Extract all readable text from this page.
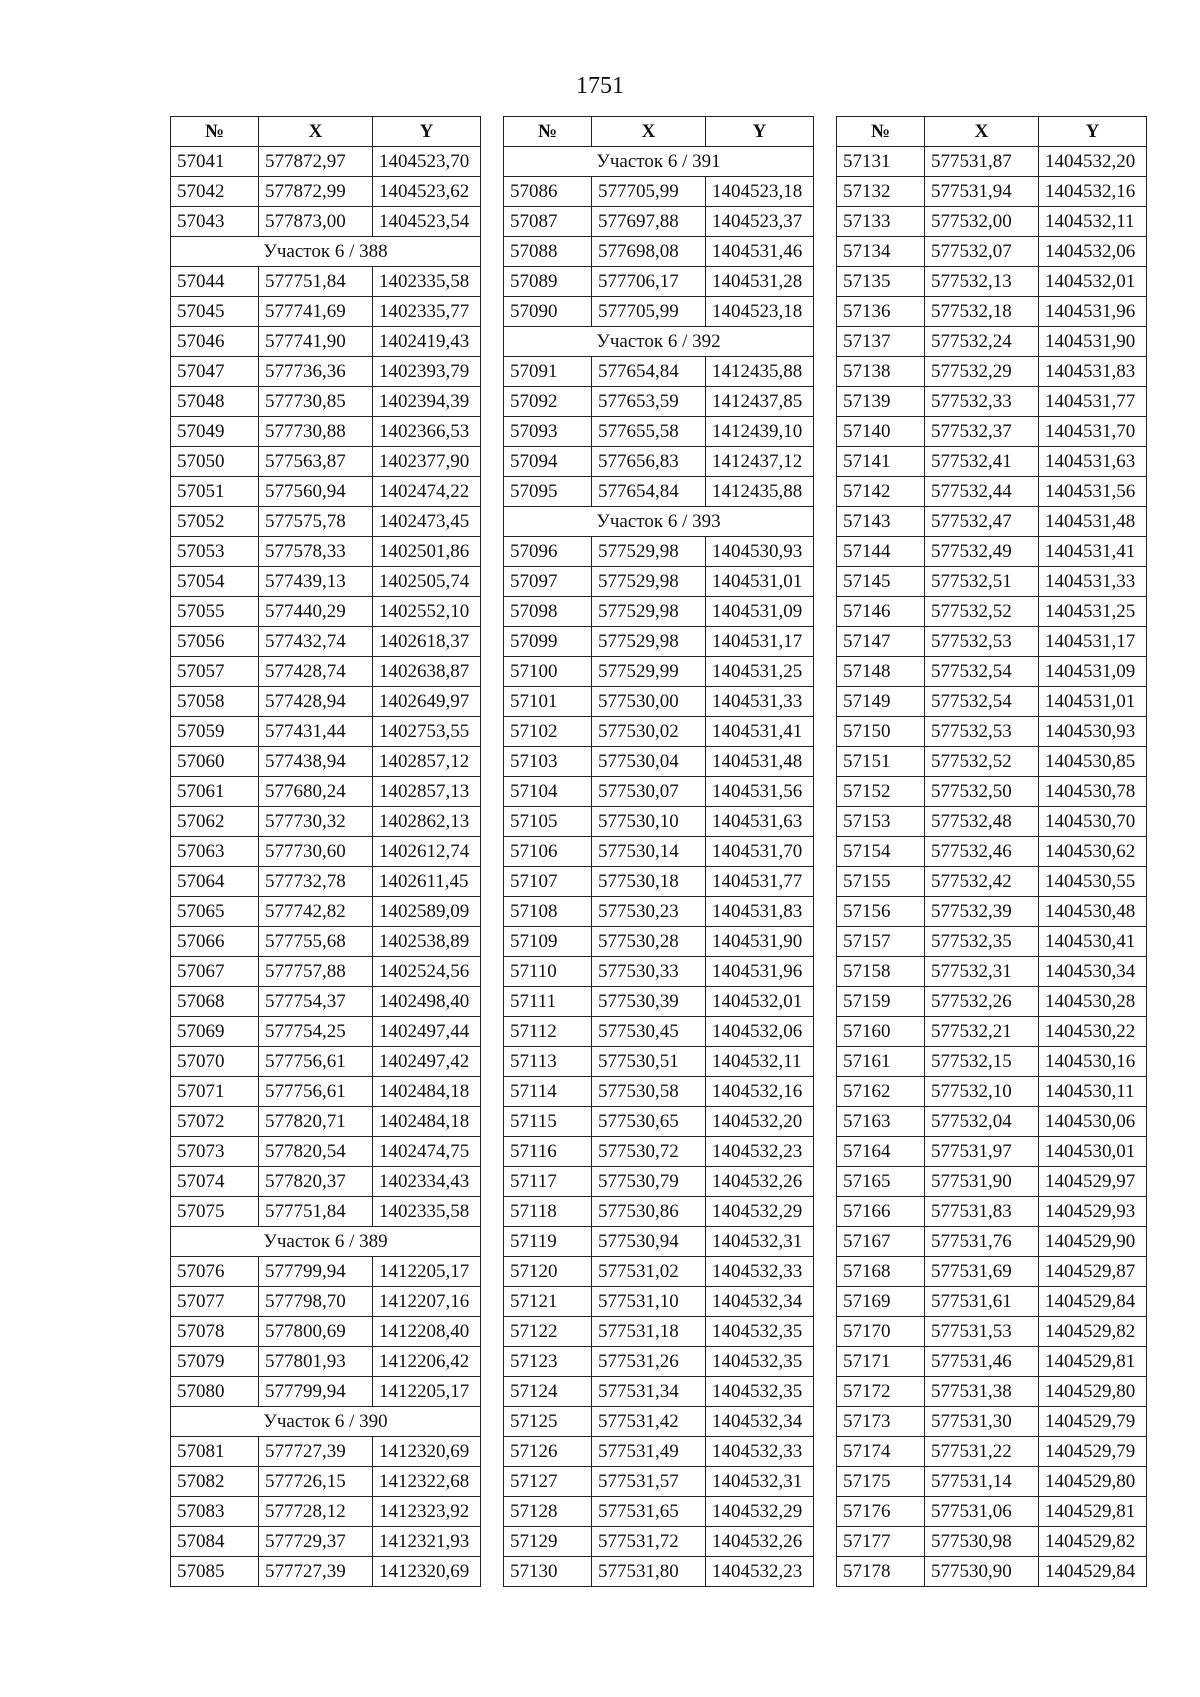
1751
№	X	Y
57041	577872,97	1404523,70
57042	577872,99	1404523,62
57043	577873,00	1404523,54
Участок 6 / 388		
57044	577751,84	1402335,58
57045	577741,69	1402335,77
57046	577741,90	1402419,43
57047	577736,36	1402393,79
57048	577730,85	1402394,39
57049	577730,88	1402366,53
57050	577563,87	1402377,90
57051	577560,94	1402474,22
57052	577575,78	1402473,45
57053	577578,33	1402501,86
57054	577439,13	1402505,74
57055	577440,29	1402552,10
57056	577432,74	1402618,37
57057	577428,74	1402638,87
57058	577428,94	1402649,97
57059	577431,44	1402753,55
57060	577438,94	1402857,12
57061	577680,24	1402857,13
57062	577730,32	1402862,13
57063	577730,60	1402612,74
57064	577732,78	1402611,45
57065	577742,82	1402589,09
57066	577755,68	1402538,89
57067	577757,88	1402524,56
57068	577754,37	1402498,40
57069	577754,25	1402497,44
57070	577756,61	1402497,42
57071	577756,61	1402484,18
57072	577820,71	1402484,18
57073	577820,54	1402474,75
57074	577820,37	1402334,43
57075	577751,84	1402335,58
Участок 6 / 389		
57076	577799,94	1412205,17
57077	577798,70	1412207,16
57078	577800,69	1412208,40
57079	577801,93	1412206,42
57080	577799,94	1412205,17
Участок 6 / 390		
57081	577727,39	1412320,69
57082	577726,15	1412322,68
57083	577728,12	1412323,92
57084	577729,37	1412321,93
57085	577727,39	1412320,69
№	X	Y
Участок 6 / 391		
57086	577705,99	1404523,18
57087	577697,88	1404523,37
57088	577698,08	1404531,46
57089	577706,17	1404531,28
57090	577705,99	1404523,18
Участок 6 / 392		
57091	577654,84	1412435,88
57092	577653,59	1412437,85
57093	577655,58	1412439,10
57094	577656,83	1412437,12
57095	577654,84	1412435,88
Участок 6 / 393		
57096	577529,98	1404530,93
57097	577529,98	1404531,01
57098	577529,98	1404531,09
57099	577529,98	1404531,17
57100	577529,99	1404531,25
57101	577530,00	1404531,33
57102	577530,02	1404531,41
57103	577530,04	1404531,48
57104	577530,07	1404531,56
57105	577530,10	1404531,63
57106	577530,14	1404531,70
57107	577530,18	1404531,77
57108	577530,23	1404531,83
57109	577530,28	1404531,90
57110	577530,33	1404531,96
57111	577530,39	1404532,01
57112	577530,45	1404532,06
57113	577530,51	1404532,11
57114	577530,58	1404532,16
57115	577530,65	1404532,20
57116	577530,72	1404532,23
57117	577530,79	1404532,26
57118	577530,86	1404532,29
57119	577530,94	1404532,31
57120	577531,02	1404532,33
57121	577531,10	1404532,34
57122	577531,18	1404532,35
57123	577531,26	1404532,35
57124	577531,34	1404532,35
57125	577531,42	1404532,34
57126	577531,49	1404532,33
57127	577531,57	1404532,31
57128	577531,65	1404532,29
57129	577531,72	1404532,26
57130	577531,80	1404532,23
№	X	Y
57131	577531,87	1404532,20
57132	577531,94	1404532,16
57133	577532,00	1404532,11
57134	577532,07	1404532,06
57135	577532,13	1404532,01
57136	577532,18	1404531,96
57137	577532,24	1404531,90
57138	577532,29	1404531,83
57139	577532,33	1404531,77
57140	577532,37	1404531,70
57141	577532,41	1404531,63
57142	577532,44	1404531,56
57143	577532,47	1404531,48
57144	577532,49	1404531,41
57145	577532,51	1404531,33
57146	577532,52	1404531,25
57147	577532,53	1404531,17
57148	577532,54	1404531,09
57149	577532,54	1404531,01
57150	577532,53	1404530,93
57151	577532,52	1404530,85
57152	577532,50	1404530,78
57153	577532,48	1404530,70
57154	577532,46	1404530,62
57155	577532,42	1404530,55
57156	577532,39	1404530,48
57157	577532,35	1404530,41
57158	577532,31	1404530,34
57159	577532,26	1404530,28
57160	577532,21	1404530,22
57161	577532,15	1404530,16
57162	577532,10	1404530,11
57163	577532,04	1404530,06
57164	577531,97	1404530,01
57165	577531,90	1404529,97
57166	577531,83	1404529,93
57167	577531,76	1404529,90
57168	577531,69	1404529,87
57169	577531,61	1404529,84
57170	577531,53	1404529,82
57171	577531,46	1404529,81
57172	577531,38	1404529,80
57173	577531,30	1404529,79
57174	577531,22	1404529,79
57175	577531,14	1404529,80
57176	577531,06	1404529,81
57177	577530,98	1404529,82
57178	577530,90	1404529,84
